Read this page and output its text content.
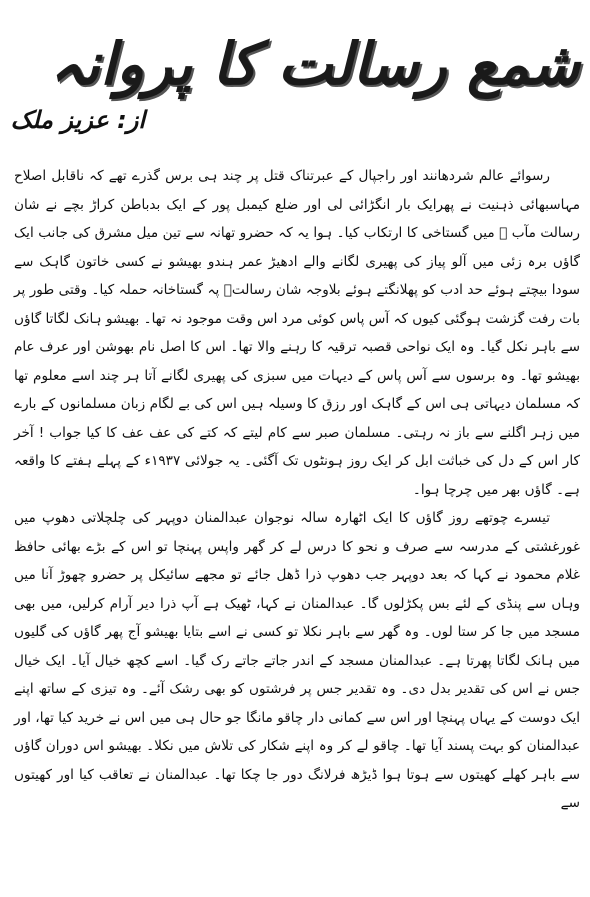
شمع رسالت کا پروانہ
از: عزیز ملک

رسوائے عالم شردھانند اور راجپال کے عبرتناک قتل پر چند ہی برس گذرے تھے کہ ناقابل اصلاح مہاسبھائی ذہنیت نے پھرایک بار انگڑائی لی اور ضلع کیمبل پور کے ایک بدباطن کراڑ بچے نے شان رسالت مآب ﷺ میں گستاخی کا ارتکاب کیا۔ ہوا یہ کہ حضرو تھانہ سے تین میل مشرق کی جانب ایک گاؤں برہ زئی میں آلو پیاز کی پھیری لگانے والے ادھیڑ عمر ہندو بھیشو نے کسی خاتون گاہک سے سودا بیچتے ہوئے حد ادب کو پھلانگتے ہوئے بلاوجہ شان رسالتؐ پہ گستاخانہ حملہ کیا۔ وقتی طور پر بات رفت گزشت ہوگئی کیوں کہ آس پاس کوئی مرد اس وقت موجود نہ تھا۔ بھیشو ہانک لگاتا گاؤں سے باہر نکل گیا۔ وہ ایک نواحی قصبہ ترقیہ کا رہنے والا تھا۔ اس کا اصل نام بھوشن اور عرف عام بھیشو تھا۔ وہ برسوں سے آس پاس کے دیہات میں سبزی کی پھیری لگانے آتا ہر چند اسے معلوم تھا کہ مسلمان دیہاتی ہی اس کے گاہک اور رزق کا وسیلہ ہیں اس کی بے لگام زبان مسلمانوں کے بارے میں زہر اگلنے سے باز نہ رہتی۔ مسلمان صبر سے کام لیتے کہ کتے کی عف عف کا کیا جواب ! آخر کار اس کے دل کی خباثت ابل کر ایک روز ہونٹوں تک آگئی۔ یہ جولائی ۱۹۳۷ء کے پہلے ہفتے کا واقعہ ہے۔ گاؤں بھر میں چرچا ہوا۔

تیسرے چوتھے روز گاؤں کا ایک اٹھارہ سالہ نوجوان عبدالمنان دوپہر کی چلچلاتی دھوپ میں غورغشتی کے مدرسہ سے صرف و نحو کا درس لے کر گھر واپس پہنچا تو اس کے بڑے بھائی حافظ غلام محمود نے کہا کہ بعد دوپہر جب دھوپ ذرا ڈھل جائے تو مجھے سائیکل پر حضرو چھوڑ آنا میں وہاں سے پنڈی کے لئے بس پکڑلوں گا۔ عبدالمنان نے کہا، ٹھیک ہے آپ ذرا دیر آرام کرلیں، میں بھی مسجد میں جا کر ستا لوں۔ وہ گھر سے باہر نکلا تو کسی نے اسے بتایا بھیشو آج پھر گاؤں کی گلیوں میں ہانک لگاتا پھرتا ہے۔ عبدالمنان مسجد کے اندر جاتے جاتے رک گیا۔ اسے کچھ خیال آیا۔ ایک خیال جس نے اس کی تقدیر بدل دی۔ وہ تقدیر جس پر فرشتوں کو بھی رشک آئے۔ وہ تیزی کے ساتھ اپنے ایک دوست کے یہاں پہنچا اور اس سے کمانی دار چاقو مانگا جو حال ہی میں اس نے خرید کیا تھا، اور عبدالمنان کو بہت پسند آیا تھا۔ چاقو لے کر وہ اپنے شکار کی تلاش میں نکلا۔ بھیشو اس دوران گاؤں سے باہر کھلے کھیتوں سے ہوتا ہوا ڈیڑھ فرلانگ دور جا چکا تھا۔ عبدالمنان نے تعاقب کیا اور کھیتوں سے
